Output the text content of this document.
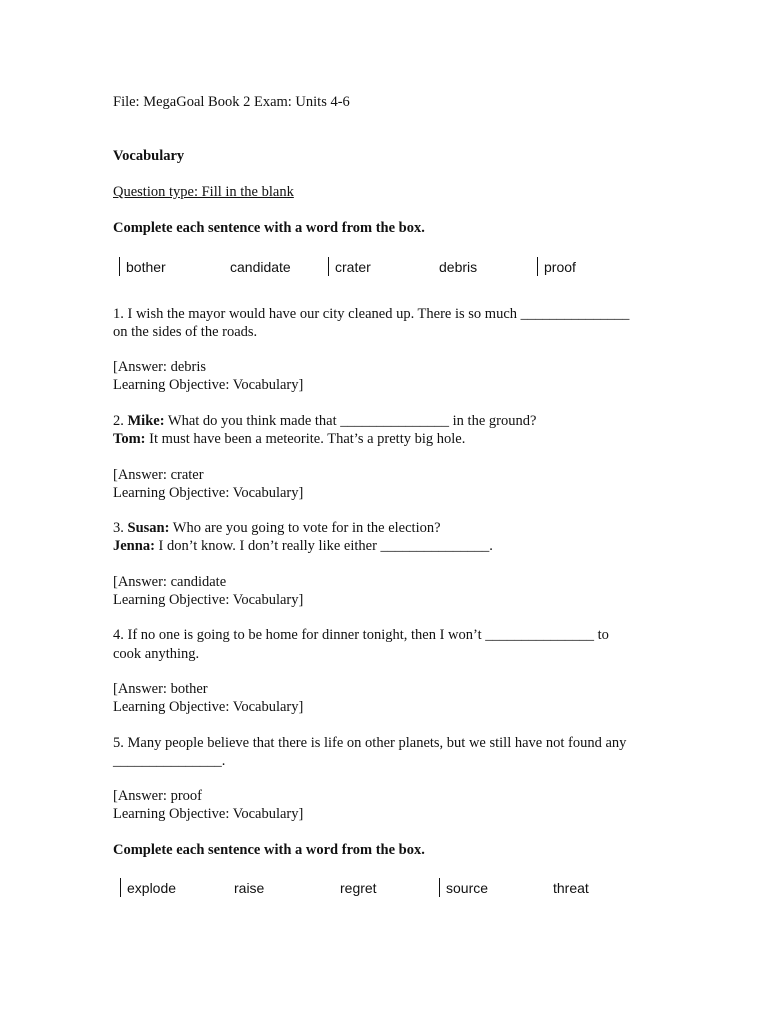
File: MegaGoal Book 2 Exam: Units 4-6
Vocabulary
Question type: Fill in the blank
Complete each sentence with a word from the box.
bother	candidate	crater	debris	proof
1. I wish the mayor would have our city cleaned up. There is so much _______________
on the sides of the roads.
[Answer: debris
Learning Objective: Vocabulary]
2. Mike: What do you think made that _______________ in the ground?
Tom: It must have been a meteorite. That’s a pretty big hole.
[Answer: crater
Learning Objective: Vocabulary]
3. Susan: Who are you going to vote for in the election?
Jenna: I don’t know. I don’t really like either _______________.
[Answer: candidate
Learning Objective: Vocabulary]
4. If no one is going to be home for dinner tonight, then I won’t _______________ to
cook anything.
[Answer: bother
Learning Objective: Vocabulary]
5. Many people believe that there is life on other planets, but we still have not found any
_______________.
[Answer: proof
Learning Objective: Vocabulary]
Complete each sentence with a word from the box.
explode	raise	regret	source	threat
